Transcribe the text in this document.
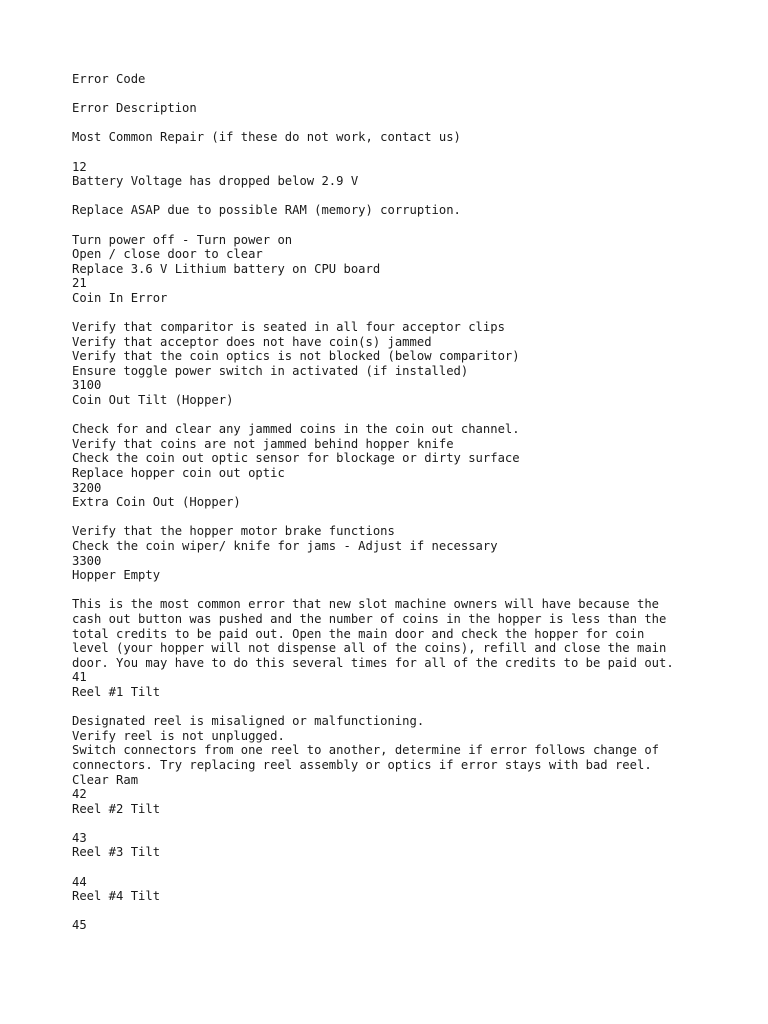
Error Code
Error Description
Most Common Repair (if these do not work, contact us)
12
Battery Voltage has dropped below 2.9 V
Replace ASAP due to possible RAM (memory) corruption.
Turn power off - Turn power on
Open / close door to clear
Replace 3.6 V Lithium battery on CPU board
21
Coin In Error
Verify that comparitor is seated in all four acceptor clips
Verify that acceptor does not have coin(s) jammed
Verify that the coin optics is not blocked (below comparitor)
Ensure toggle power switch in activated (if installed)
3100
Coin Out Tilt (Hopper)
Check for and clear any jammed coins in the coin out channel.
Verify that coins are not jammed behind hopper knife
Check the coin out optic sensor for blockage or dirty surface
Replace hopper coin out optic
3200
Extra Coin Out (Hopper)
Verify that the hopper motor brake functions
Check the coin wiper/ knife for jams - Adjust if necessary
3300
Hopper Empty
This is the most common error that new slot machine owners will have because the
cash out button was pushed and the number of coins in the hopper is less than the
total credits to be paid out. Open the main door and check the hopper for coin
level (your hopper will not dispense all of the coins), refill and close the main
door. You may have to do this several times for all of the credits to be paid out.
41
Reel #1 Tilt
Designated reel is misaligned or malfunctioning.
Verify reel is not unplugged.
Switch connectors from one reel to another, determine if error follows change of
connectors. Try replacing reel assembly or optics if error stays with bad reel.
Clear Ram
42
Reel #2 Tilt
43
Reel #3 Tilt
44
Reel #4 Tilt
45
